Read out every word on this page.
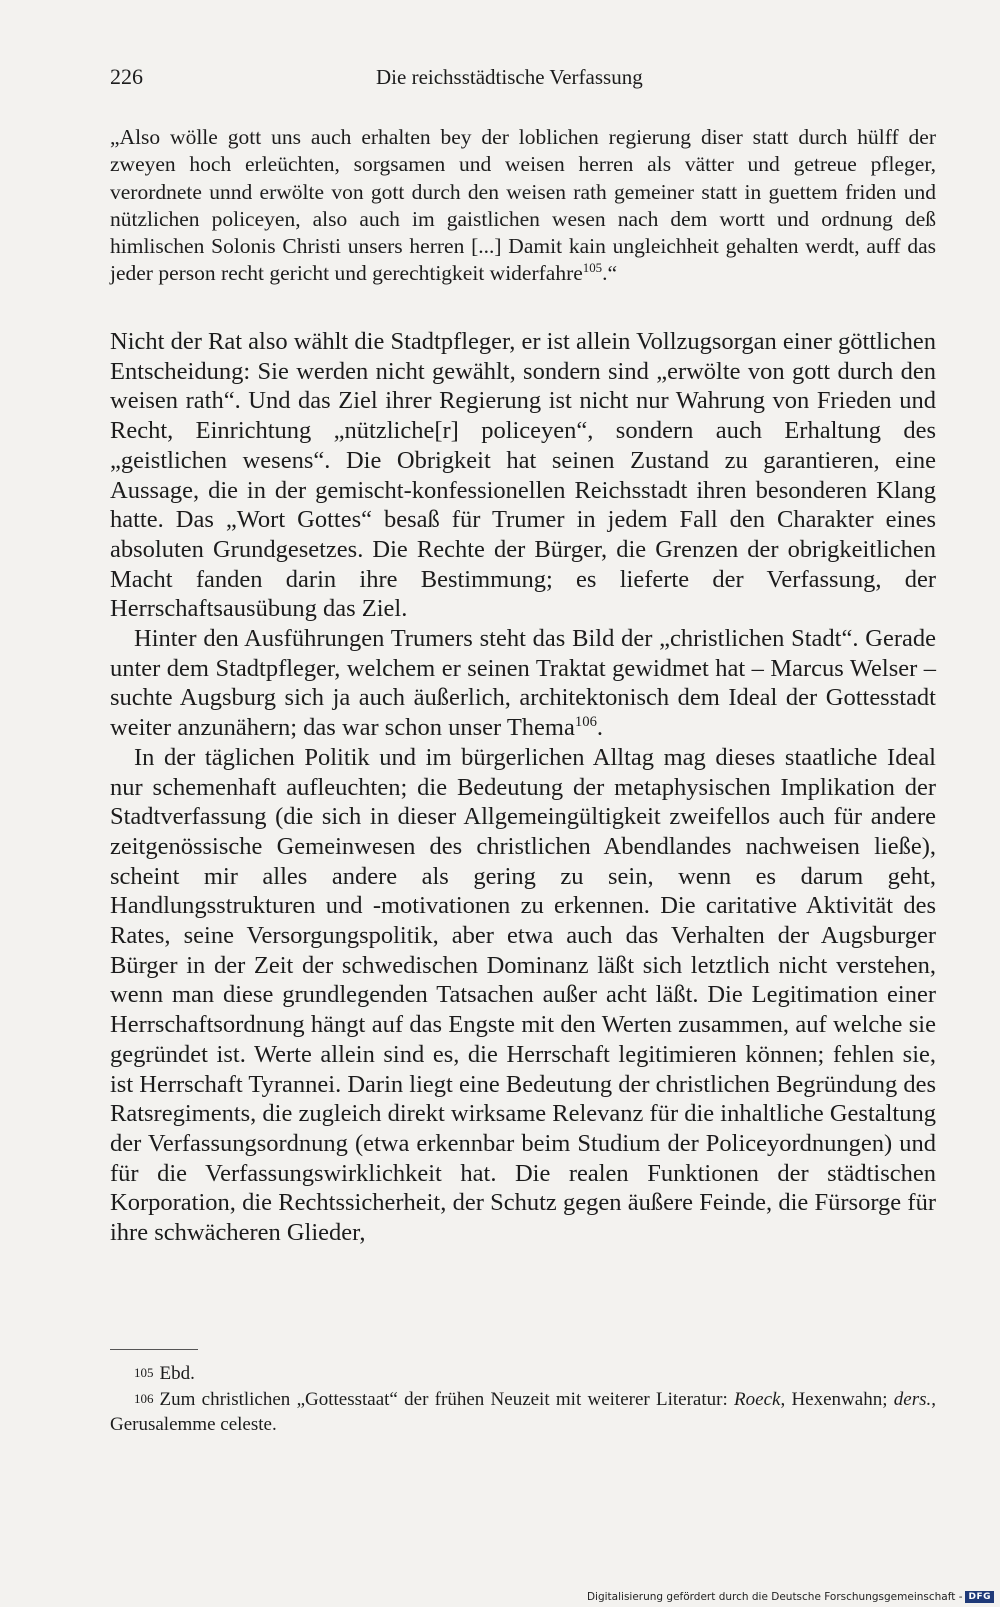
226	Die reichsstädtische Verfassung
„Also wölle gott uns auch erhalten bey der loblichen regierung diser statt durch hülff der zweyen hoch erleüchten, sorgsamen und weisen herren als vätter und getreue pfleger, verordnete unnd erwölte von gott durch den weisen rath gemeiner statt in guettem friden und nützlichen policeyen, also auch im gaistlichen wesen nach dem wortt und ordnung deß himlischen Solonis Christi unsers herren [...] Damit kain ungleichheit gehalten werdt, auff das jeder person recht gericht und gerechtigkeit widerfahre$^{105}$.“

Nicht der Rat also wählt die Stadtpfleger, er ist allein Vollzugsorgan einer göttlichen Entscheidung: Sie werden nicht gewählt, sondern sind „erwölte von gott durch den weisen rath“. Und das Ziel ihrer Regierung ist nicht nur Wahrung von Frieden und Recht, Einrichtung „nützliche[r] policeyen“, sondern auch Erhaltung des „geistlichen wesens“. Die Obrigkeit hat seinen Zustand zu garantieren, eine Aussage, die in der gemischt-konfessionellen Reichsstadt ihren besonderen Klang hatte. Das „Wort Gottes“ besaß für Trumer in jedem Fall den Charakter eines absoluten Grundgesetzes. Die Rechte der Bürger, die Grenzen der obrigkeitlichen Macht fanden darin ihre Bestimmung; es lieferte der Verfassung, der Herrschaftsausübung das Ziel.

Hinter den Ausführungen Trumers steht das Bild der „christlichen Stadt“. Gerade unter dem Stadtpfleger, welchem er seinen Traktat gewidmet hat – Marcus Welser – suchte Augsburg sich ja auch äußerlich, architektonisch dem Ideal der Gottesstadt weiter anzunähern; das war schon unser Thema$^{106}$.

In der täglichen Politik und im bürgerlichen Alltag mag dieses staatliche Ideal nur schemenhaft aufleuchten; die Bedeutung der metaphysischen Implikation der Stadtverfassung (die sich in dieser Allgemeingültigkeit zweifellos auch für andere zeitgenössische Gemeinwesen des christlichen Abendlandes nachweisen ließe), scheint mir alles andere als gering zu sein, wenn es darum geht, Handlungsstrukturen und -motivationen zu erkennen. Die caritative Aktivität des Rates, seine Versorgungspolitik, aber etwa auch das Verhalten der Augsburger Bürger in der Zeit der schwedischen Dominanz läßt sich letztlich nicht verstehen, wenn man diese grundlegenden Tatsachen außer acht läßt. Die Legitimation einer Herrschaftsordnung hängt auf das Engste mit den Werten zusammen, auf welche sie gegründet ist. Werte allein sind es, die Herrschaft legitimieren können; fehlen sie, ist Herrschaft Tyrannei. Darin liegt eine Bedeutung der christlichen Begründung des Ratsregiments, die zugleich direkt wirksame Relevanz für die inhaltliche Gestaltung der Verfassungsordnung (etwa erkennbar beim Studium der Policeyordnungen) und für die Verfassungswirklichkeit hat. Die realen Funktionen der städtischen Korporation, die Rechtssicherheit, der Schutz gegen äußere Feinde, die Fürsorge für ihre schwächeren Glieder,

105 Ebd.

106 Zum christlichen „Gottesstaat“ der frühen Neuzeit mit weiterer Literatur: Roeck, Hexenwahn; ders., Gerusalemme celeste.

Digitalisierung gefördert durch die Deutsche Forschungsgemeinschaft - DFG
